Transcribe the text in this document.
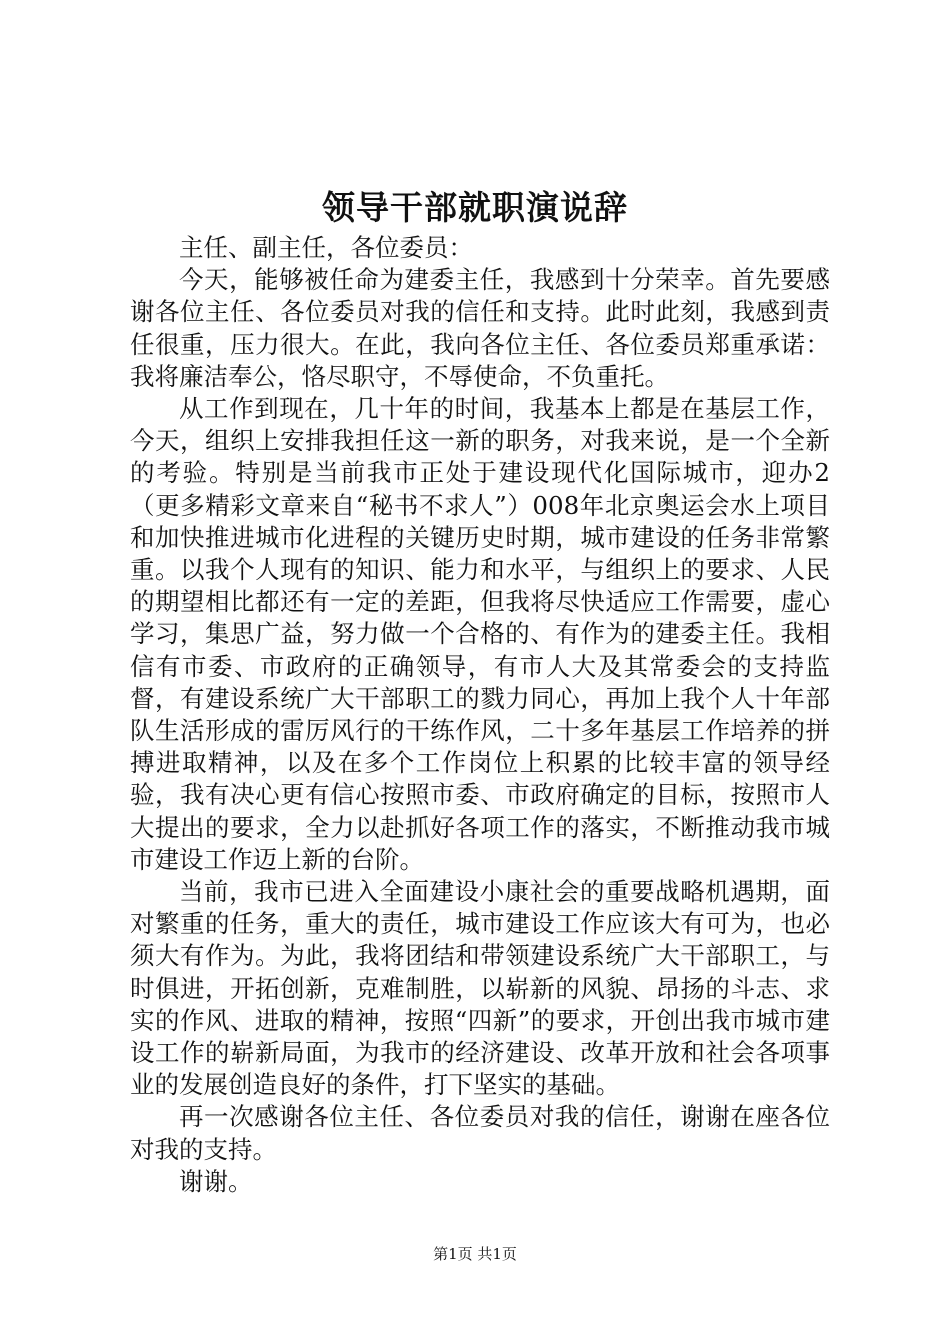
领导干部就职演说辞

主任、副主任，各位委员：

今天，能够被任命为建委主任，我感到十分荣幸。首先要感谢各位主任、各位委员对我的信任和支持。此时此刻，我感到责任很重，压力很大。在此，我向各位主任、各位委员郑重承诺：我将廉洁奉公，恪尽职守，不辱使命，不负重托。

从工作到现在，几十年的时间，我基本上都是在基层工作，今天，组织上安排我担任这一新的职务，对我来说，是一个全新的考验。特别是当前我市正处于建设现代化国际城市，迎办2（更多精彩文章来自“秘书不求人”）008年北京奥运会水上项目和加快推进城市化进程的关键历史时期，城市建设的任务非常繁重。以我个人现有的知识、能力和水平，与组织上的要求、人民的期望相比都还有一定的差距，但我将尽快适应工作需要，虚心学习，集思广益，努力做一个合格的、有作为的建委主任。我相信有市委、市政府的正确领导，有市人大及其常委会的支持监督，有建设系统广大干部职工的戮力同心，再加上我个人十年部队生活形成的雷厉风行的干练作风，二十多年基层工作培养的拼搏进取精神，以及在多个工作岗位上积累的比较丰富的领导经验，我有决心更有信心按照市委、市政府确定的目标，按照市人大提出的要求，全力以赴抓好各项工作的落实，不断推动我市城市建设工作迈上新的台阶。

当前，我市已进入全面建设小康社会的重要战略机遇期，面对繁重的任务，重大的责任，城市建设工作应该大有可为，也必须大有作为。为此，我将团结和带领建设系统广大干部职工，与时俱进，开拓创新，克难制胜，以崭新的风貌、昂扬的斗志、求实的作风、进取的精神，按照“四新”的要求，开创出我市城市建设工作的崭新局面，为我市的经济建设、改革开放和社会各项事业的发展创造良好的条件，打下坚实的基础。

再一次感谢各位主任、各位委员对我的信任，谢谢在座各位对我的支持。

谢谢。

第1页 共1页
